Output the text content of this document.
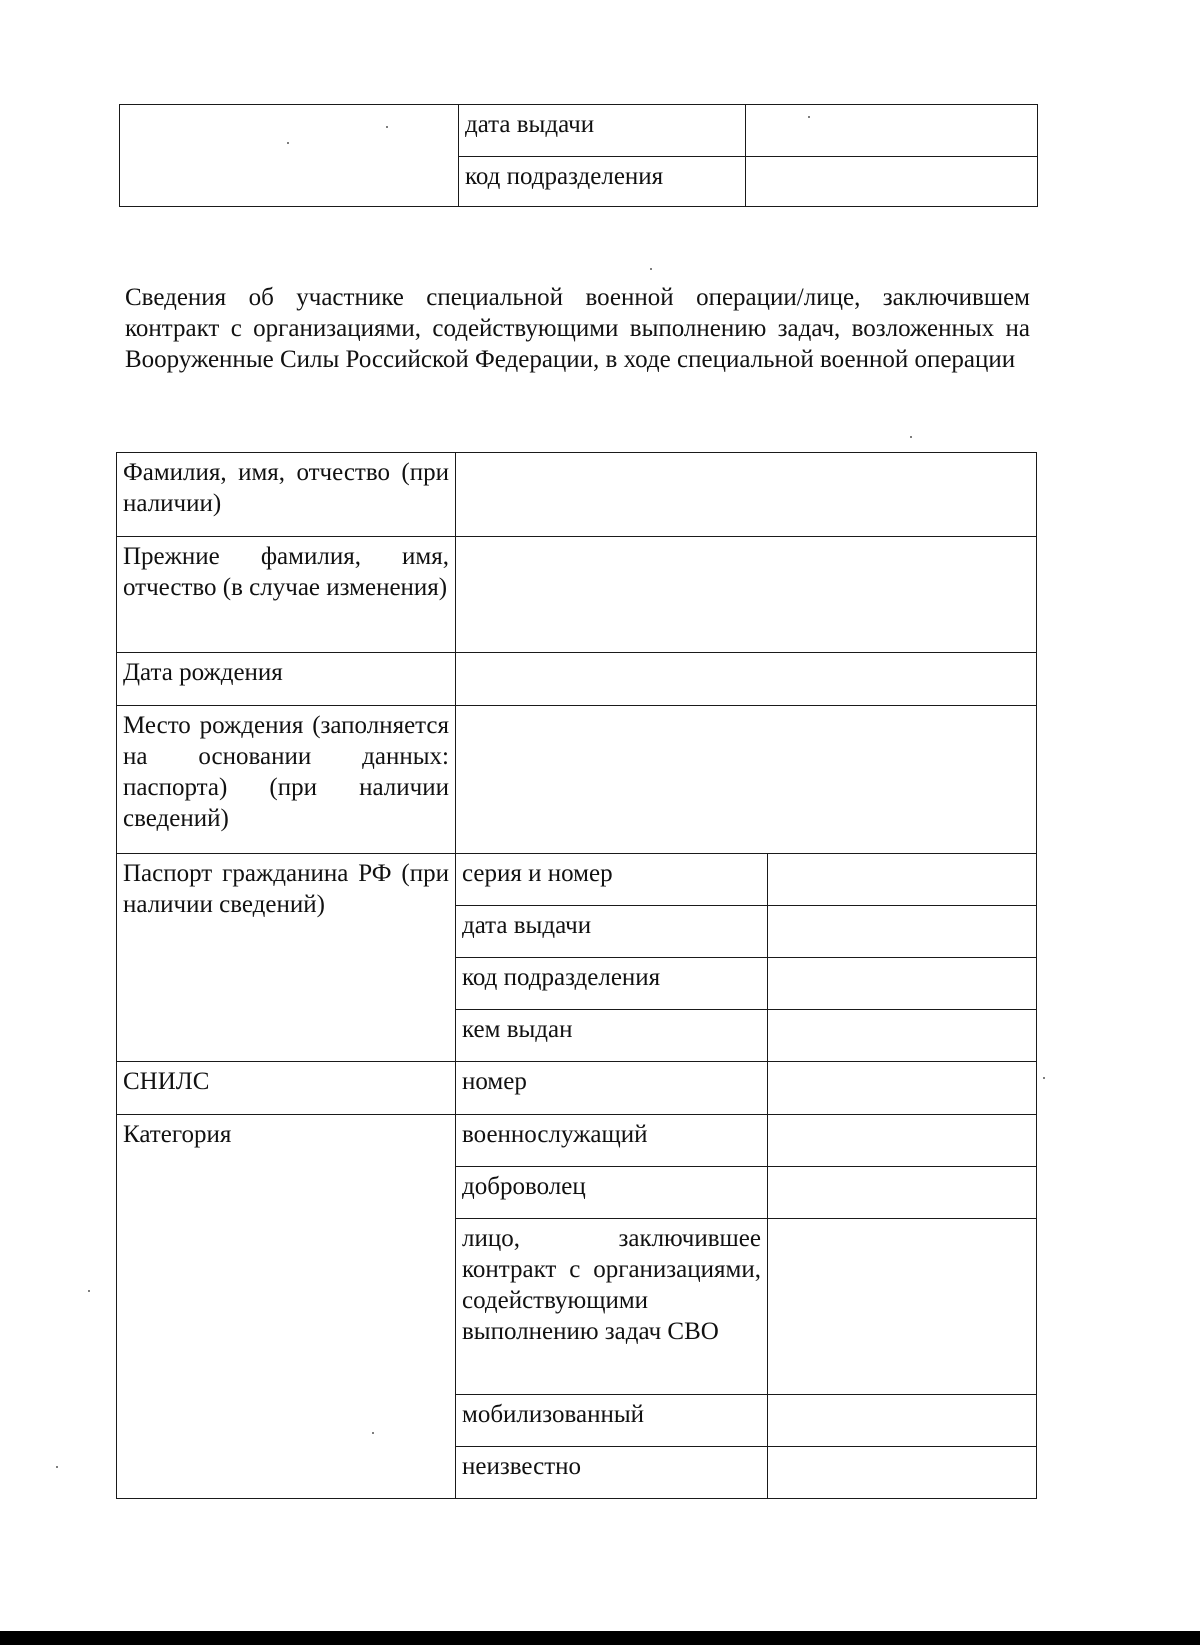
	дата выдачи	
	код подразделения	
Сведения об участнике специальной военной операции/лице, заключившем контракт с организациями, содействующими выполнению задач, возложенных на Вооруженные Силы Российской Федерации, в ходе специальной военной операции
Фамилия, имя, отчество (при наличии)		
Прежние фамилия, имя, отчество (в случае изменения)		
Дата рождения		
Место рождения (заполняется на основании данных: паспорта) (при наличии сведений)		
Паспорт гражданина РФ (при наличии сведений)	серия и номер	
	дата выдачи	
	код подразделения	
	кем выдан	
СНИЛС	номер	
Категория	военнослужащий	
	доброволец	
	лицо, заключившее контракт с организациями, содействующими выполнению задач СВО	
	мобилизованный	
	неизвестно	
